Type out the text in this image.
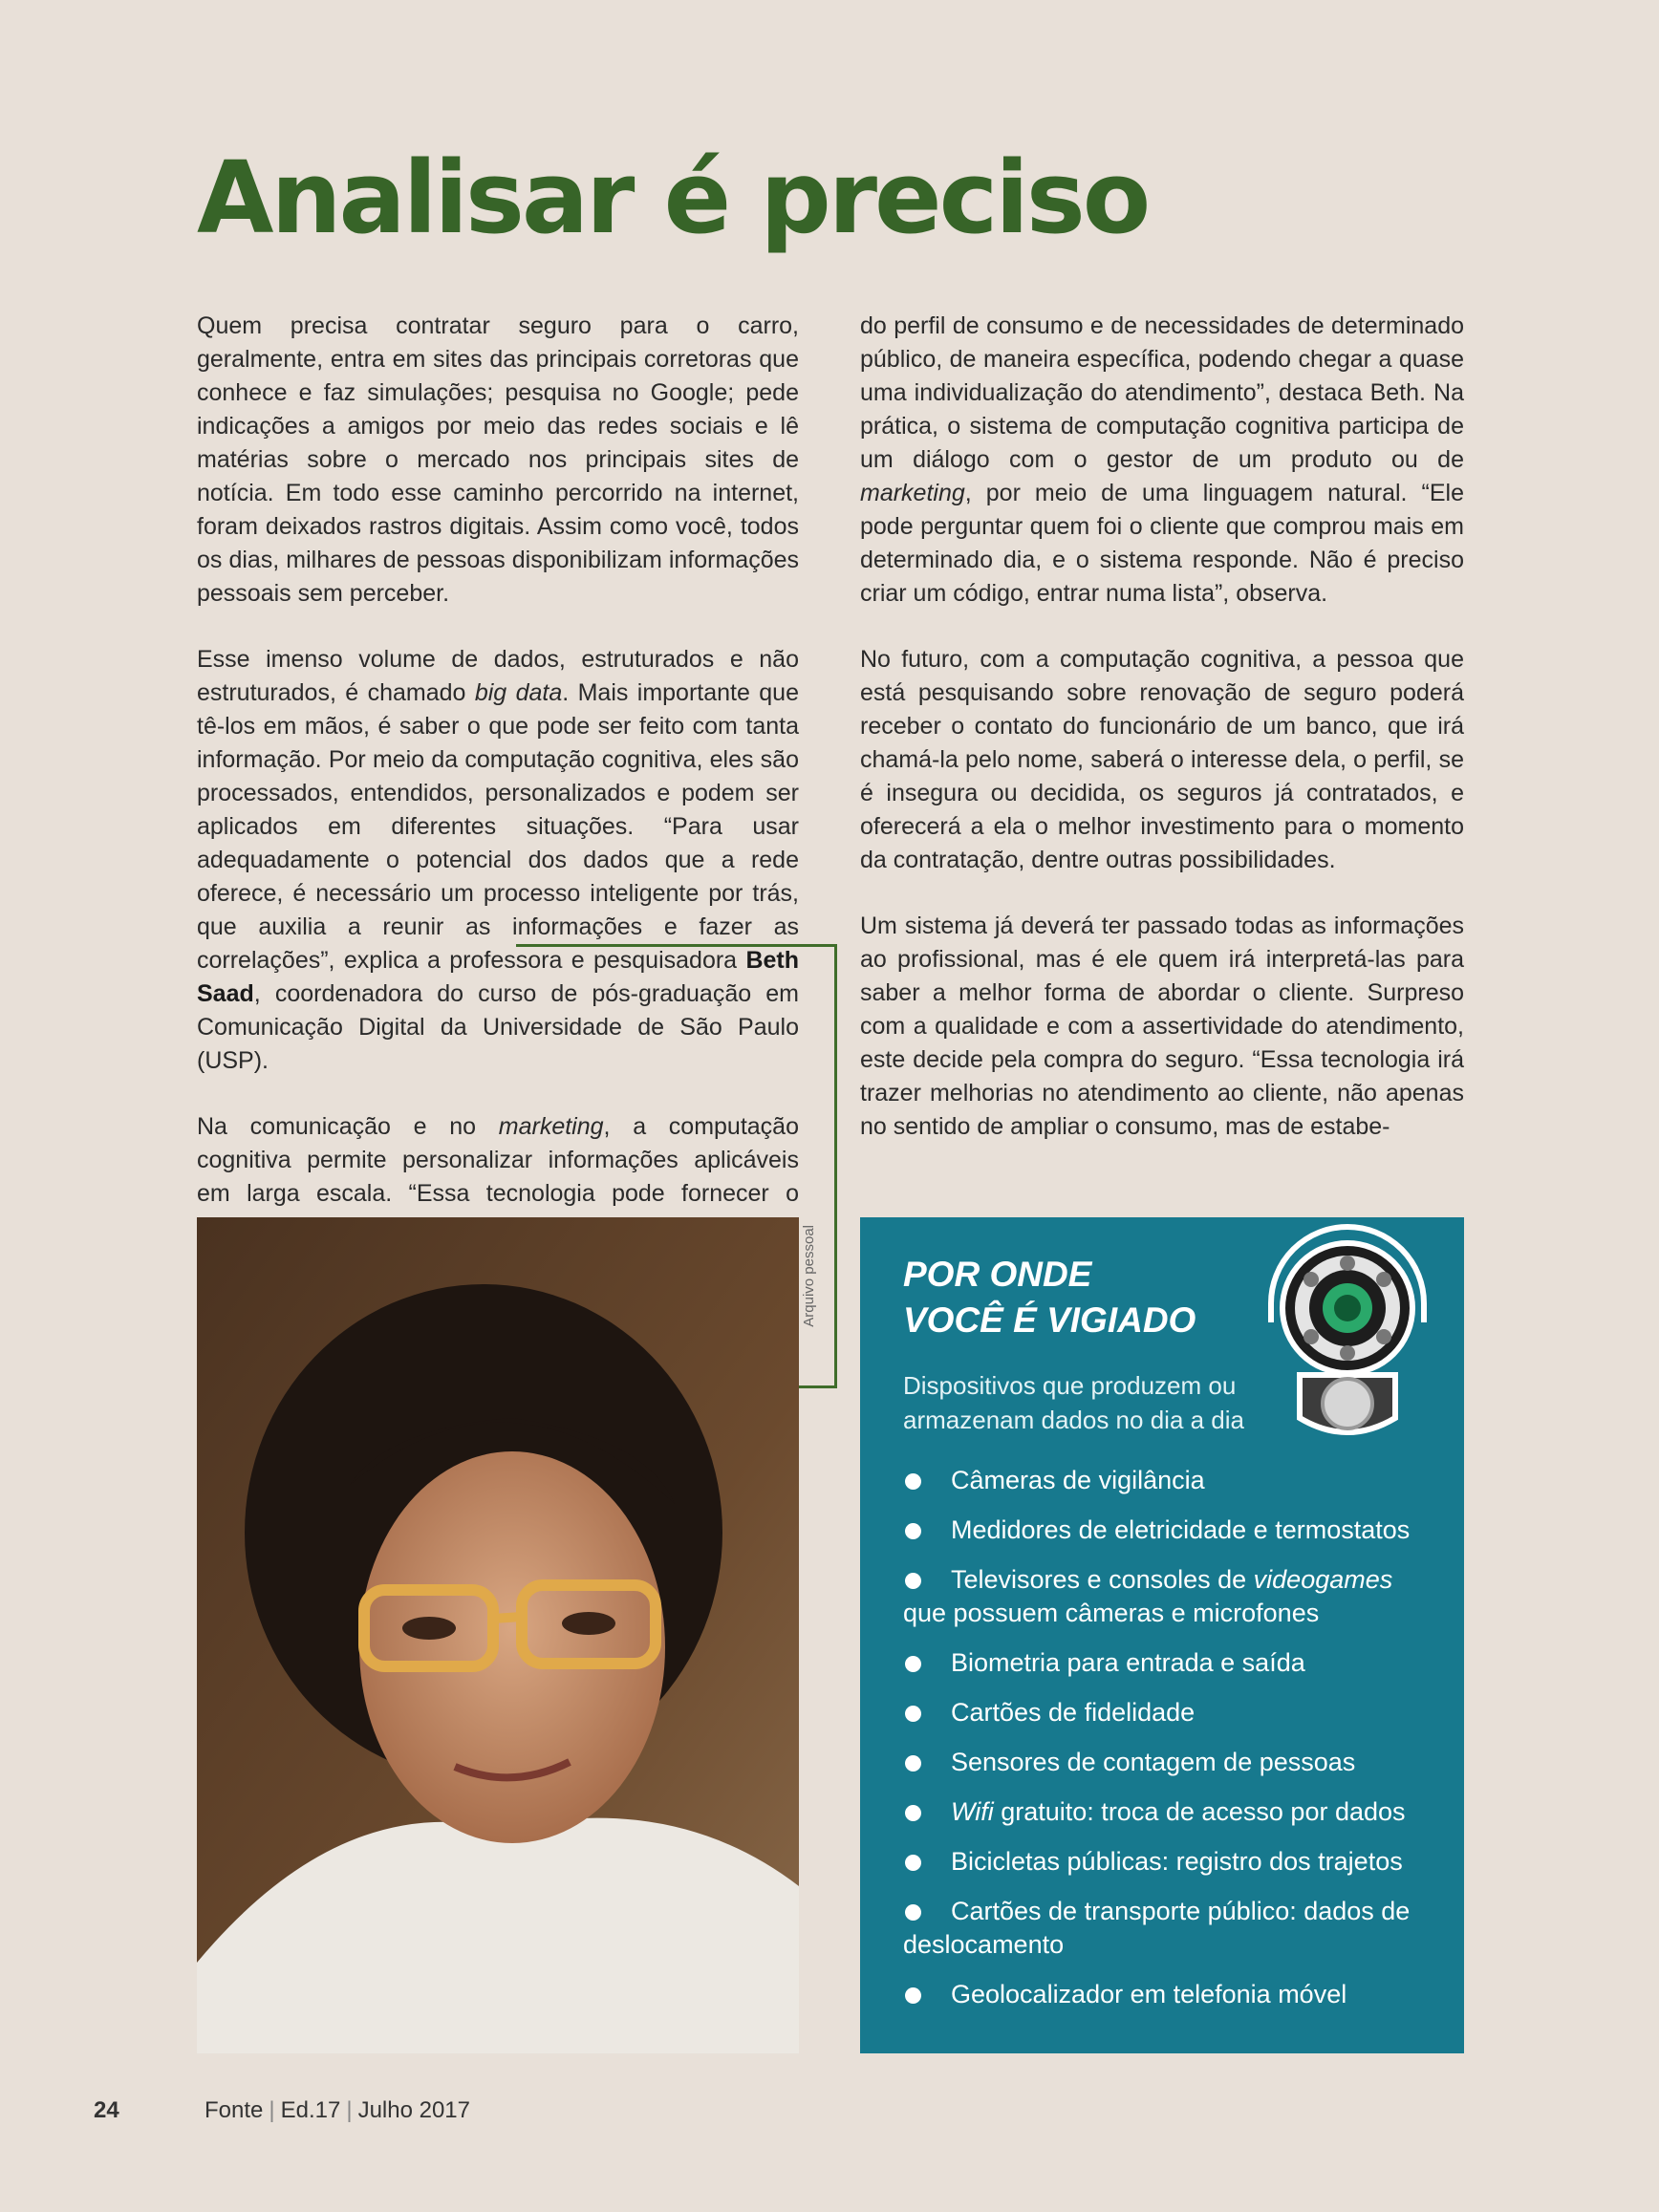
Analisar é preciso

Quem precisa contratar seguro para o carro, geralmente, entra em sites das principais corretoras que conhece e faz simulações; pesquisa no Google; pede indicações a amigos por meio das redes sociais e lê matérias sobre o mercado nos principais sites de notícia. Em todo esse caminho percorrido na internet, foram deixados rastros digitais. Assim como você, todos os dias, milhares de pessoas disponibilizam informações pessoais sem perceber.

Esse imenso volume de dados, estruturados e não estruturados, é chamado big data. Mais importante que tê-los em mãos, é saber o que pode ser feito com tanta informação. Por meio da computação cognitiva, eles são processados, entendidos, personalizados e podem ser aplicados em diferentes situações. “Para usar adequadamente o potencial dos dados que a rede oferece, é necessário um processo inteligente por trás, que auxilia a reunir as informações e fazer as correlações”, explica a professora e pesquisadora Beth Saad, coordenadora do curso de pós-graduação em Comunicação Digital da Universidade de São Paulo (USP).

Na comunicação e no marketing, a computação cognitiva permite personalizar informações aplicáveis em larga escala. “Essa tecnologia pode fornecer o

do perfil de consumo e de necessidades de determinado público, de maneira específica, podendo chegar a quase uma individualização do atendimento”, destaca Beth. Na prática, o sistema de computação cognitiva participa de um diálogo com o gestor de um produto ou de marketing, por meio de uma linguagem natural. “Ele pode perguntar quem foi o cliente que comprou mais em determinado dia, e o sistema responde. Não é preciso criar um código, entrar numa lista”, observa.

No futuro, com a computação cognitiva, a pessoa que está pesquisando sobre renovação de seguro poderá receber o contato do funcionário de um banco, que irá chamá-la pelo nome, saberá o interesse dela, o perfil, se é insegura ou decidida, os seguros já contratados, e oferecerá a ela o melhor investimento para o momento da contratação, dentre outras possibilidades.

Um sistema já deverá ter passado todas as informações ao profissional, mas é ele quem irá interpretá-las para saber a melhor forma de abordar o cliente. Surpreso com a qualidade e com a assertividade do atendimento, este decide pela compra do seguro. “Essa tecnologia irá trazer melhorias no atendimento ao cliente, não apenas no sentido de ampliar o consumo, mas de estabe-

Arquivo pessoal POR ONDE
VOCÊ É VIGIADO
Dispositivos que produzem ou armazenam dados no dia a dia
Câmeras de vigilância
Medidores de eletricidade e termostatos
Televisores e consoles de videogames que possuem câmeras e microfones
Biometria para entrada e saída
Cartões de fidelidade
Sensores de contagem de pessoas
Wifi gratuito: troca de acesso por dados
Bicicletas públicas: registro dos trajetos
Cartões de transporte público: dados de deslocamento
Geolocalizador em telefonia móvel
24	Fonte | Ed.17 | Julho 2017
